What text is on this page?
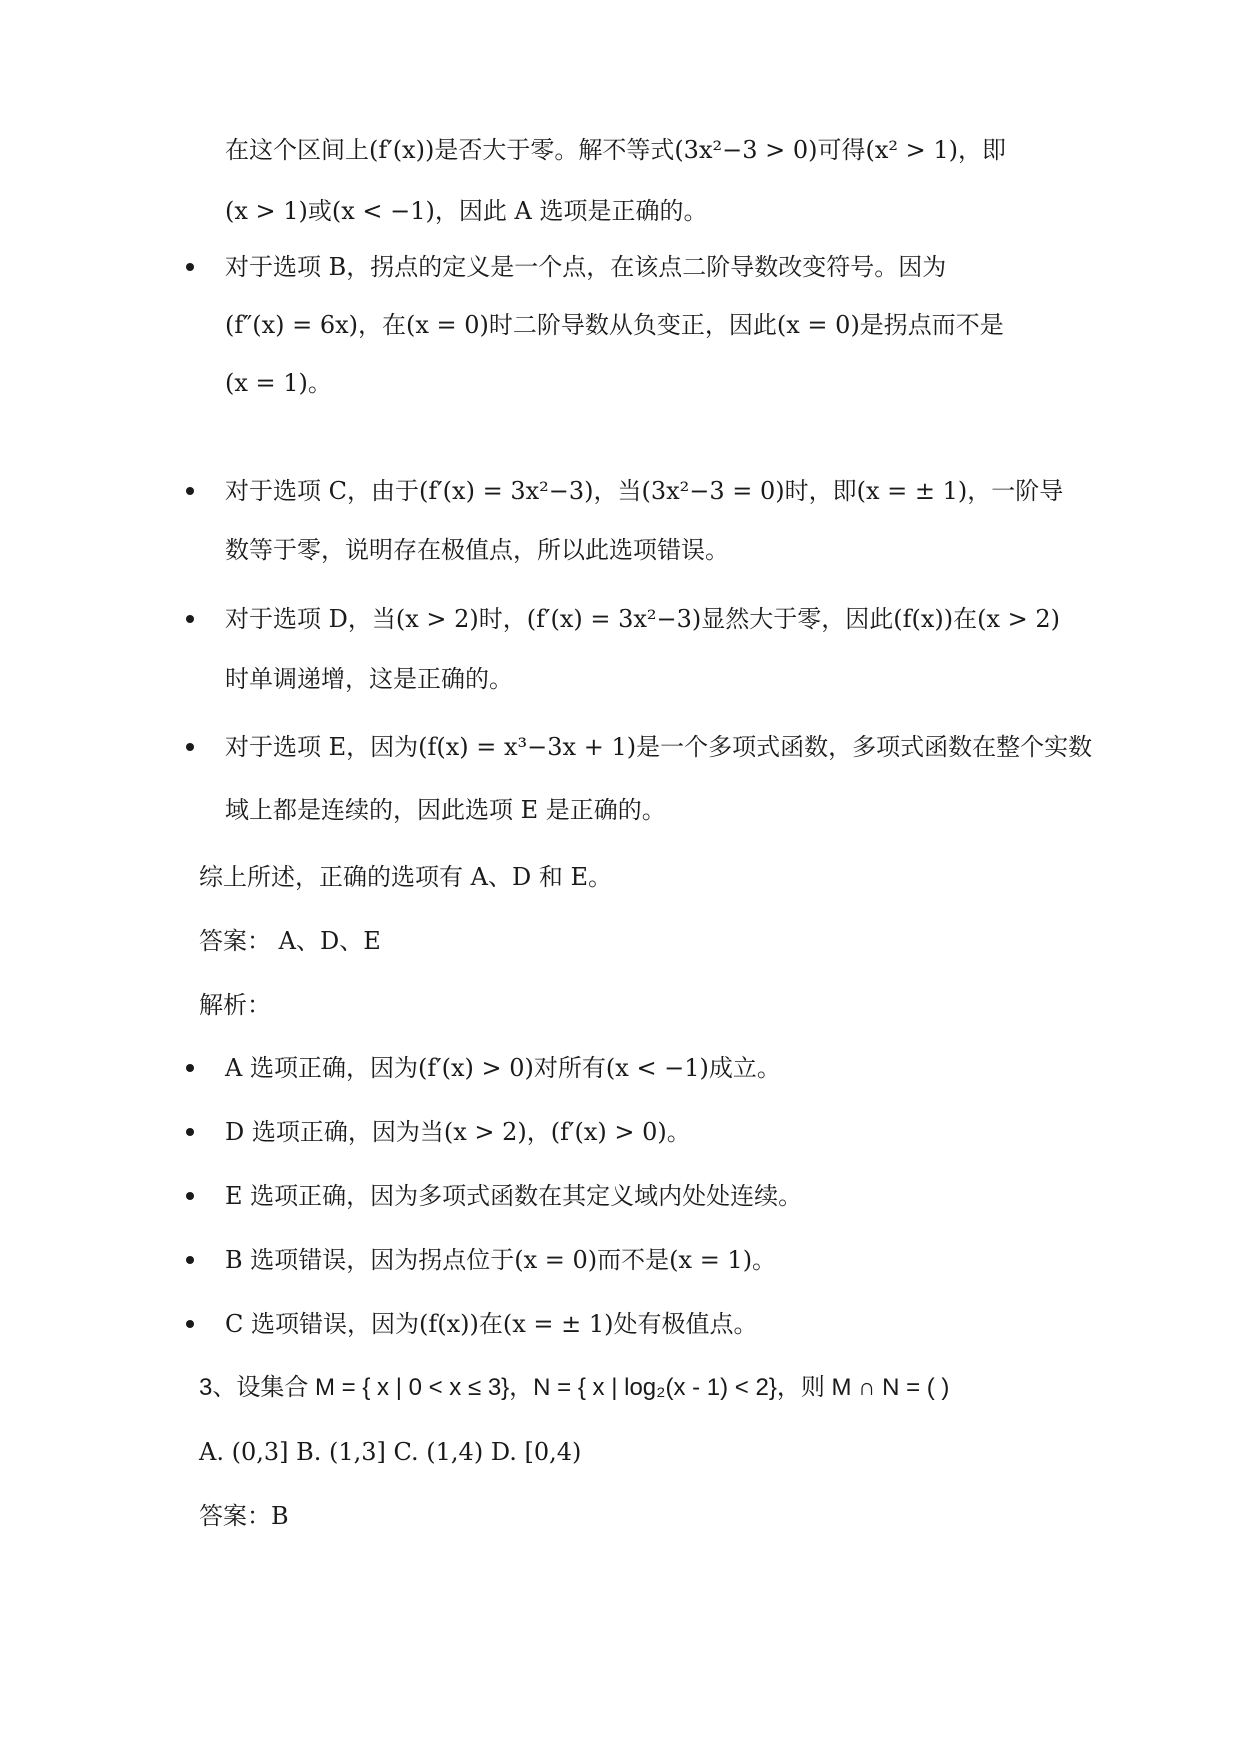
在这个区间上(f′(x))是否大于零。解不等式(3x²−3 > 0)可得(x² > 1)，即
(x > 1)或(x < −1)，因此 A 选项是正确的。
对于选项 B，拐点的定义是一个点，在该点二阶导数改变符号。因为
(f″(x) = 6x)，在(x = 0)时二阶导数从负变正，因此(x = 0)是拐点而不是
(x = 1)。
对于选项 C，由于(f′(x) = 3x²−3)，当(3x²−3 = 0)时，即(x = ± 1)，一阶导
数等于零，说明存在极值点，所以此选项错误。
对于选项 D，当(x > 2)时，(f′(x) = 3x²−3)显然大于零，因此(f(x))在(x > 2)
时单调递增，这是正确的。
对于选项 E，因为(f(x) = x³−3x + 1)是一个多项式函数，多项式函数在整个实数
域上都是连续的，因此选项 E 是正确的。
综上所述，正确的选项有 A、D 和 E。
答案： A、D、E
解析：
A 选项正确，因为(f′(x) > 0)对所有(x < −1)成立。
D 选项正确，因为当(x > 2)，(f′(x) > 0)。
E 选项正确，因为多项式函数在其定义域内处处连续。
B 选项错误，因为拐点位于(x = 0)而不是(x = 1)。
C 选项错误，因为(f(x))在(x = ± 1)处有极值点。
3、设集合 M = { x | 0 < x ≤ 3}，N = { x | log₂(x - 1) < 2}，则 M ∩ N = ( )
A. (0,3] B. (1,3] C. (1,4) D. [0,4)
答案：B
